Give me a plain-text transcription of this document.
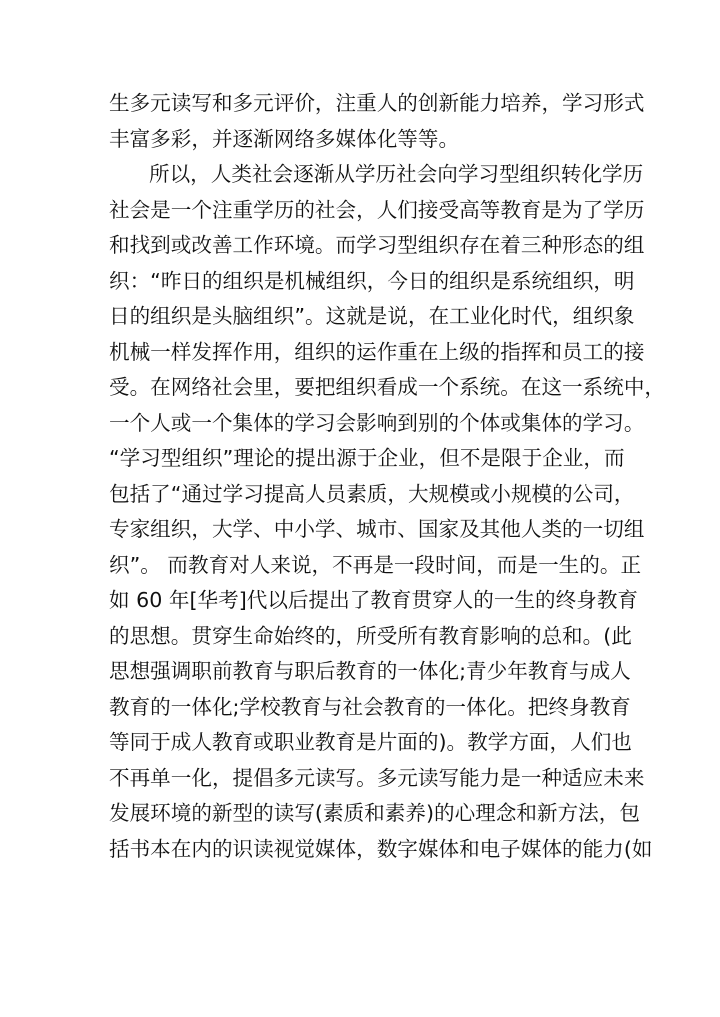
生多元读写和多元评价，注重人的创新能力培养，学习形式
丰富多彩，并逐渐网络多媒体化等等。
所以，人类社会逐渐从学历社会向学习型组织转化学历
社会是一个注重学历的社会，人们接受高等教育是为了学历
和找到或改善工作环境。而学习型组织存在着三种形态的组
织：“昨日的组织是机械组织，今日的组织是系统组织，明
日的组织是头脑组织”。这就是说，在工业化时代，组织象
机械一样发挥作用，组织的运作重在上级的指挥和员工的接
受。在网络社会里，要把组织看成一个系统。在这一系统中，
一个人或一个集体的学习会影响到别的个体或集体的学习。
“学习型组织”理论的提出源于企业，但不是限于企业，而
包括了“通过学习提高人员素质，大规模或小规模的公司，
专家组织，大学、中小学、城市、国家及其他人类的一切组
织”。 而教育对人来说，不再是一段时间，而是一生的。正
如 60 年[华考]代以后提出了教育贯穿人的一生的终身教育
的思想。贯穿生命始终的，所受所有教育影响的总和。(此
思想强调职前教育与职后教育的一体化;青少年教育与成人
教育的一体化;学校教育与社会教育的一体化。把终身教育
等同于成人教育或职业教育是片面的)。教学方面，人们也
不再单一化，提倡多元读写。多元读写能力是一种适应未来
发展环境的新型的读写(素质和素养)的心理念和新方法，包
括书本在内的识读视觉媒体，数字媒体和电子媒体的能力(如
